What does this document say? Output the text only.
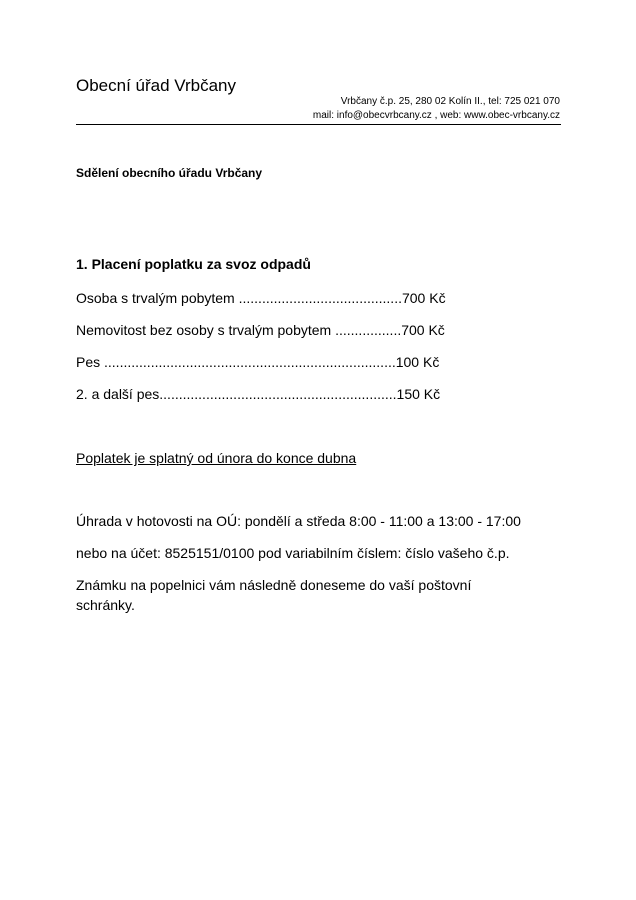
Obecní úřad Vrbčany
Vrbčany č.p. 25, 280 02 Kolín II., tel: 725 021 070
mail: info@obecvrbcany.cz , web: www.obec-vrbcany.cz
Sdělení obecního úřadu Vrbčany
1. Placení poplatku za svoz odpadů
Osoba s trvalým pobytem ..........................................700 Kč
Nemovitost bez osoby s trvalým pobytem .................700 Kč
Pes ...........................................................................100 Kč
2. a další pes.............................................................150 Kč
Poplatek je splatný od února do konce dubna
Úhrada v hotovosti na OÚ: pondělí a středa 8:00 - 11:00 a 13:00 - 17:00
nebo na účet: 8525151/0100 pod variabilním číslem: číslo vašeho č.p.
Známku na popelnici vám následně doneseme do vaší poštovní schránky.
